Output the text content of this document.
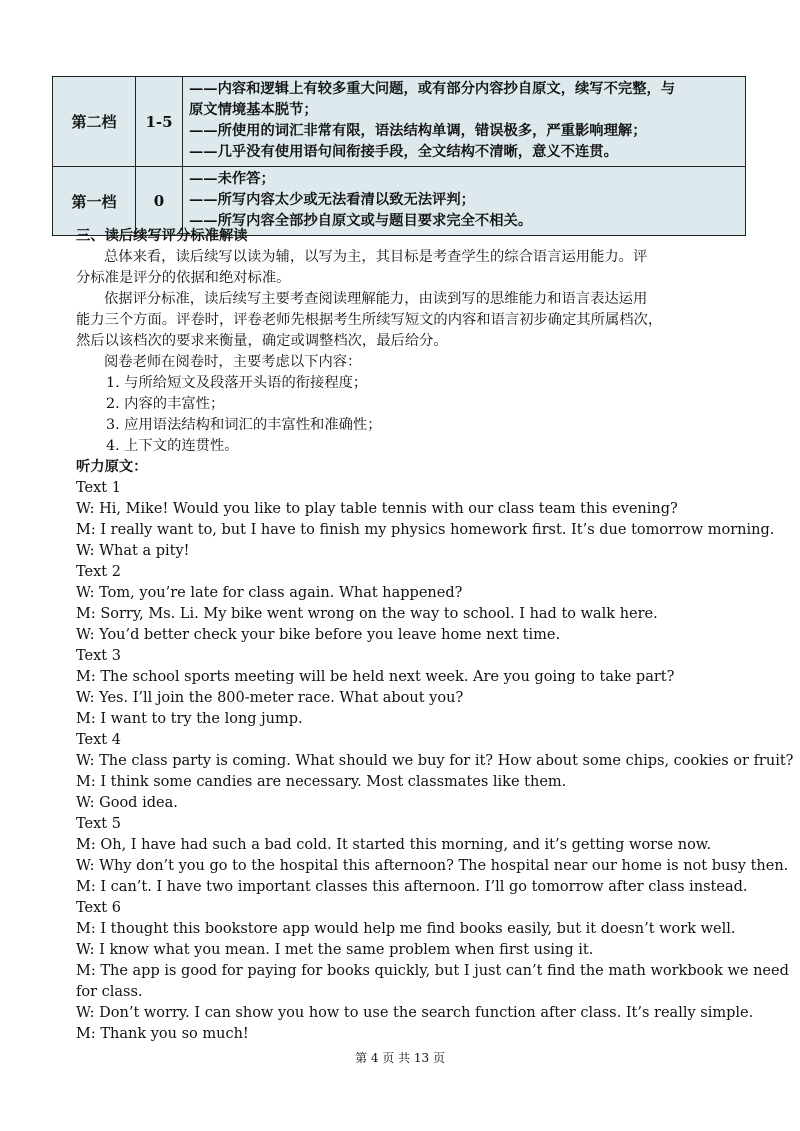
第二档	1-5	——内容和逻辑上有较多重大问题，或有部分内容抄自原文，续写不完整，与
原文情境基本脱节；
——所使用的词汇非常有限，语法结构单调，错误极多，严重影响理解；
——几乎没有使用语句间衔接手段，全文结构不清晰，意义不连贯。

第一档	0	——未作答；
——所写内容太少或无法看清以致无法评判；
——所写内容全部抄自原文或与题目要求完全不相关。
三、读后续写评分标准解读
总体来看，读后续写以读为辅，以写为主，其目标是考查学生的综合语言运用能力。评
分标准是评分的依据和绝对标准。
依据评分标准，读后续写主要考查阅读理解能力，由读到写的思维能力和语言表达运用
能力三个方面。评卷时，评卷老师先根据考生所续写短文的内容和语言初步确定其所属档次，
然后以该档次的要求来衡量，确定或调整档次，最后给分。
阅卷老师在阅卷时，主要考虑以下内容：
1. 与所给短文及段落开头语的衔接程度；
2. 内容的丰富性；
3. 应用语法结构和词汇的丰富性和准确性；
4. 上下文的连贯性。
听力原文：
Text 1
W: Hi, Mike! Would you like to play table tennis with our class team this evening?
M: I really want to, but I have to finish my physics homework first. It’s due tomorrow morning.
W: What a pity!
Text 2
W: Tom, you’re late for class again. What happened?
M: Sorry, Ms. Li. My bike went wrong on the way to school. I had to walk here.
W: You’d better check your bike before you leave home next time.
Text 3
M: The school sports meeting will be held next week. Are you going to take part?
W: Yes. I’ll join the 800-meter race. What about you?
M: I want to try the long jump.
Text 4
W: The class party is coming. What should we buy for it? How about some chips, cookies or fruit?
M: I think some candies are necessary. Most classmates like them.
W: Good idea.
Text 5
M: Oh, I have had such a bad cold. It started this morning, and it’s getting worse now.
W: Why don’t you go to the hospital this afternoon? The hospital near our home is not busy then.
M: I can’t. I have two important classes this afternoon. I’ll go tomorrow after class instead.
Text 6
M: I thought this bookstore app would help me find books easily, but it doesn’t work well.
W: I know what you mean. I met the same problem when first using it.
M: The app is good for paying for books quickly, but I just can’t find the math workbook we need
for class.
W: Don’t worry. I can show you how to use the search function after class. It’s really simple.
M: Thank you so much!
第 4 页 共 13 页
